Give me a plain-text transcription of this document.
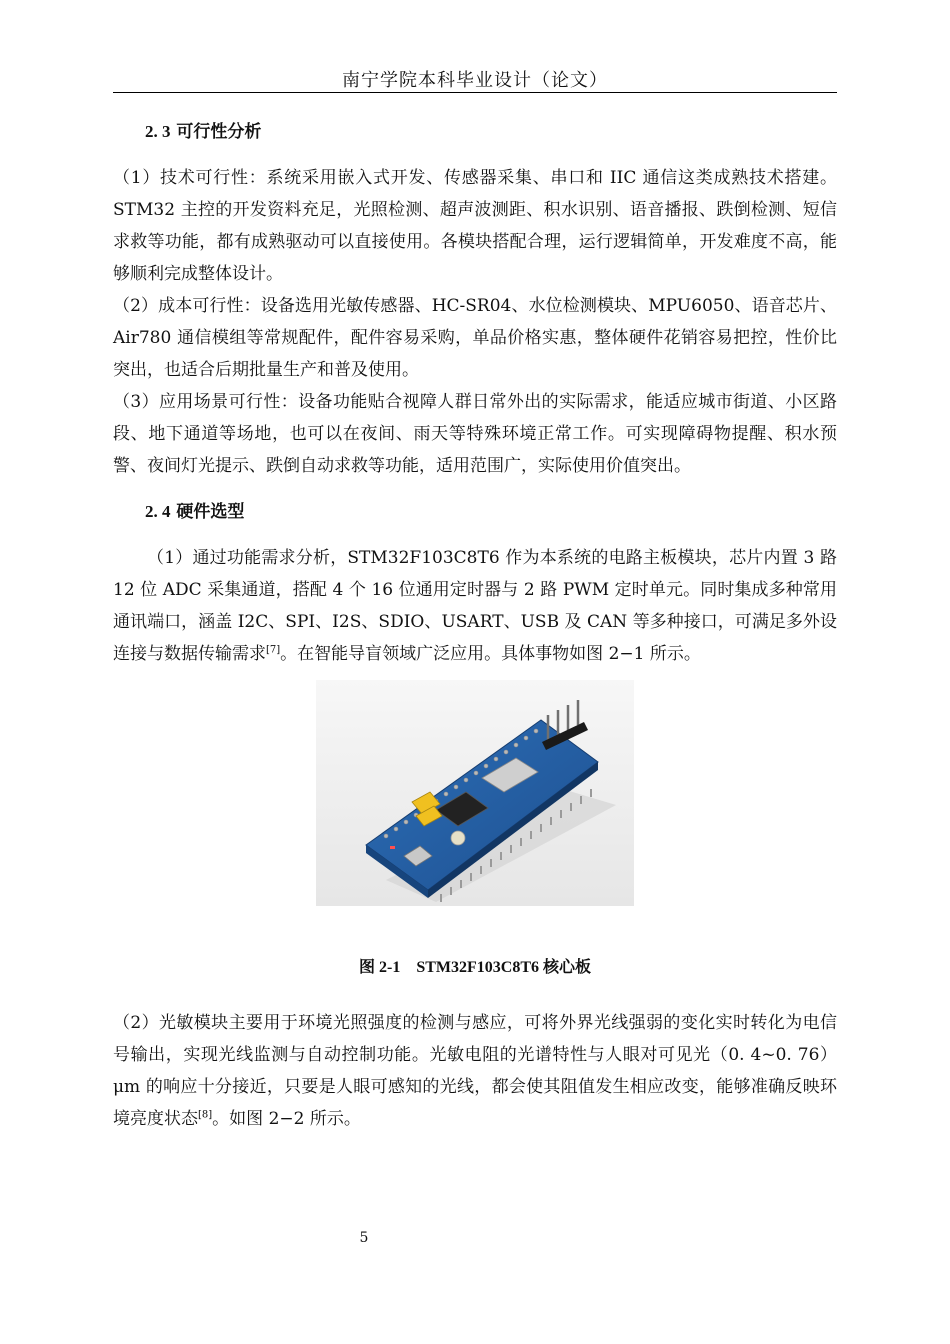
南宁学院本科毕业设计（论文）
2. 3 可行性分析

（1）技术可行性：系统采用嵌入式开发、传感器采集、串口和 IIC 通信这类成熟技术搭建。STM32 主控的开发资料充足，光照检测、超声波测距、积水识别、语音播报、跌倒检测、短信求救等功能，都有成熟驱动可以直接使用。各模块搭配合理，运行逻辑简单，开发难度不高，能够顺利完成整体设计。

（2）成本可行性：设备选用光敏传感器、HC-SR04、水位检测模块、MPU6050、语音芯片、Air780 通信模组等常规配件，配件容易采购，单品价格实惠，整体硬件花销容易把控，性价比突出，也适合后期批量生产和普及使用。

（3）应用场景可行性：设备功能贴合视障人群日常外出的实际需求，能适应城市街道、小区路段、地下通道等场地，也可以在夜间、雨天等特殊环境正常工作。可实现障碍物提醒、积水预警、夜间灯光提示、跌倒自动求救等功能，适用范围广，实际使用价值突出。

2. 4 硬件选型

（1）通过功能需求分析，STM32F103C8T6 作为本系统的电路主板模块，芯片内置 3 路 12 位 ADC 采集通道，搭配 4 个 16 位通用定时器与 2 路 PWM 定时单元。同时集成多种常用通讯端口，涵盖 I2C、SPI、I2S、SDIO、USART、USB 及 CAN 等多种接口，可满足多外设连接与数据传输需求[7]。在智能导盲领域广泛应用。具体事物如图 2−1 所示。

图 2-1　STM32F103C8T6 核心板

（2）光敏模块主要用于环境光照强度的检测与感应，可将外界光线强弱的变化实时转化为电信号输出，实现光线监测与自动控制功能。光敏电阻的光谱特性与人眼对可见光（0. 4~0. 76）μm 的响应十分接近，只要是人眼可感知的光线，都会使其阻值发生相应改变，能够准确反映环境亮度状态[8]。如图 2−2 所示。

5
